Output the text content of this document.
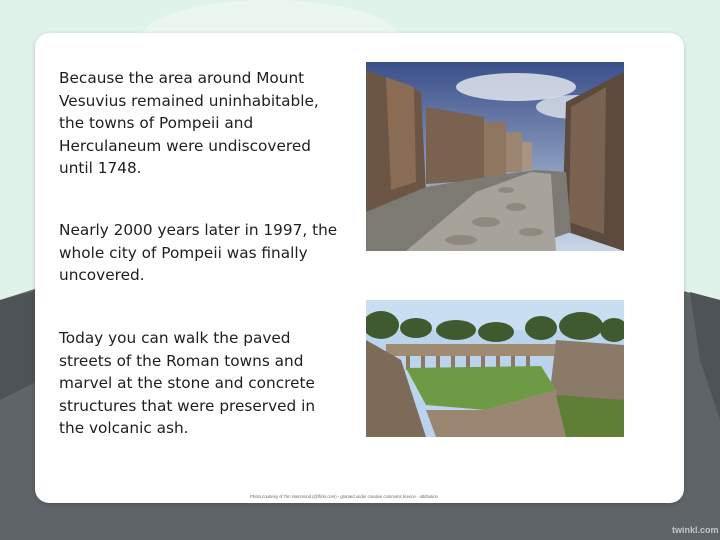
Because the area around Mount Vesuvius remained uninhabitable, the towns of Pompeii and Herculaneum were undiscovered until 1748.

Nearly 2000 years later in 1997, the whole city of Pompeii was finally uncovered.

Today you can walk the paved streets of the Roman towns and marvel at the stone and concrete structures that were preserved in the volcanic ash.

Photo courtesy of Tim Hammond (@flickr.com) - granted under creative commons licence - attribution
twinkl.com
